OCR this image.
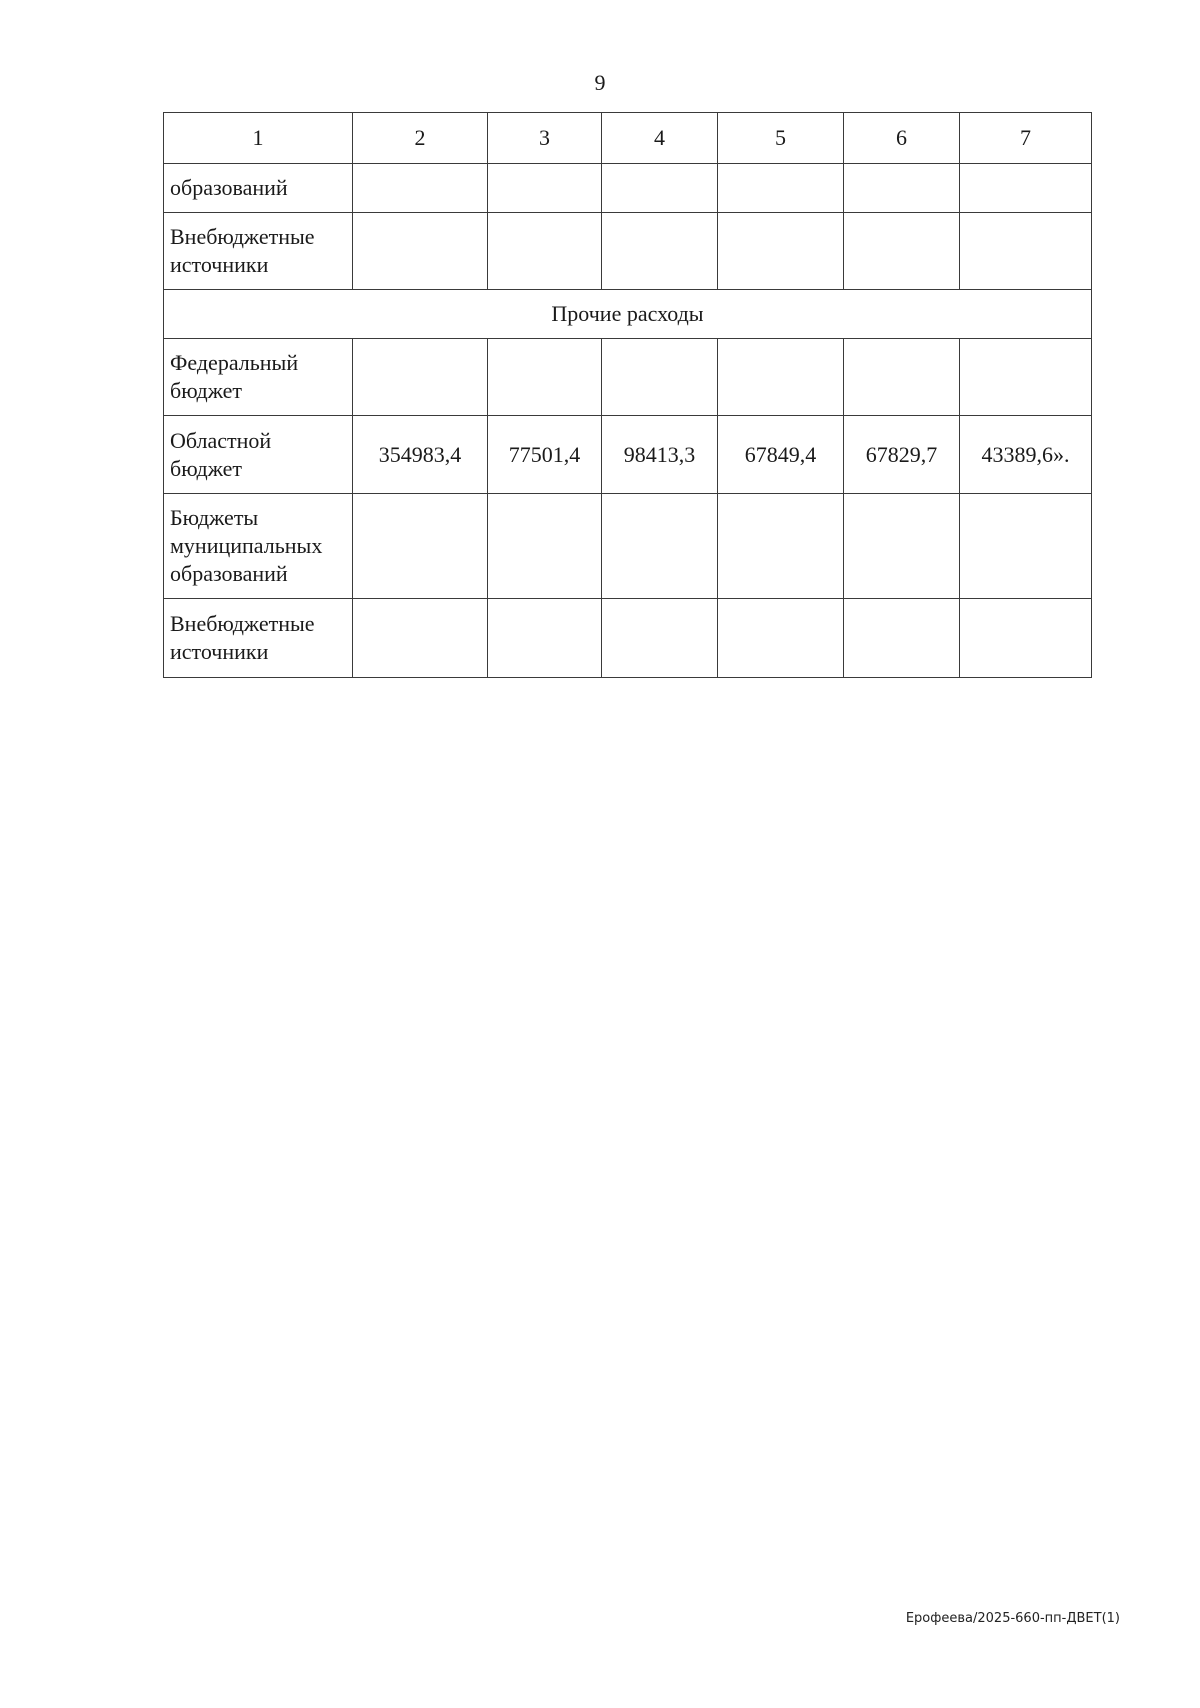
9
1	2	3	4	5	6	7
образований						
Внебюджетные источники						
Прочие расходы						
Федеральный бюджет						
Областной бюджет	354983,4	77501,4	98413,3	67849,4	67829,7	43389,6».
Бюджеты муниципальных образований						
Внебюджетные источники						
Ерофеева/2025-660-пп-ДВЕТ(1)
